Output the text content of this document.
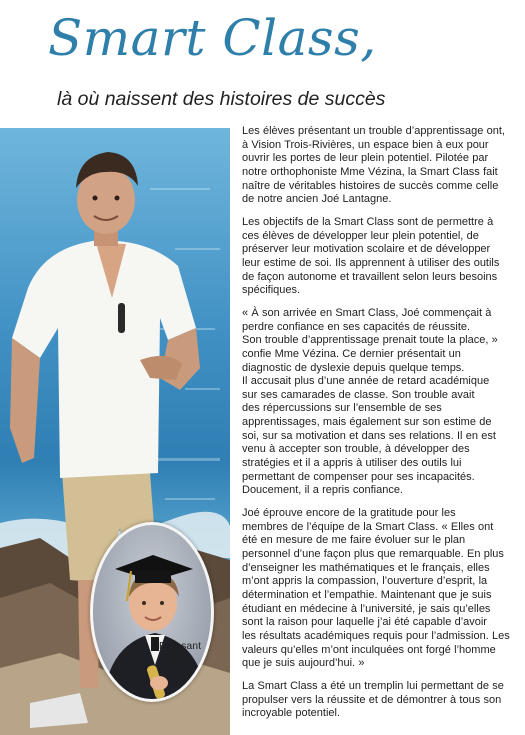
Smart Class,
là où naissent des histoires de succès
Finissant 2014

Les élèves présentant un trouble d’apprentissage ont,
à Vision Trois-Rivières, un espace bien à eux pour
ouvrir les portes de leur plein potentiel. Pilotée par
notre orthophoniste Mme Vézina, la Smart Class fait
naître de véritables histoires de succès comme celle
de notre ancien Joé Lantagne.

Les objectifs de la Smart Class sont de permettre à
ces élèves de développer leur plein potentiel, de
préserver leur motivation scolaire et de développer
leur estime de soi. Ils apprennent à utiliser des outils
de façon autonome et travaillent selon leurs besoins
spécifiques.

« À son arrivée en Smart Class, Joé commençait à
perdre confiance en ses capacités de réussite.
Son trouble d’apprentissage prenait toute la place, »
confie Mme Vézina. Ce dernier présentait un
diagnostic de dyslexie depuis quelque temps.
Il accusait plus d’une année de retard académique
sur ses camarades de classe. Son trouble avait
des répercussions sur l’ensemble de ses
apprentissages, mais également sur son estime de
soi, sur sa motivation et dans ses relations. Il en est
venu à accepter son trouble, à développer des
stratégies et il a appris à utiliser des outils lui
permettant de compenser pour ses incapacités.
Doucement, il a repris confiance.

Joé éprouve encore de la gratitude pour les
membres de l’équipe de la Smart Class. « Elles ont
été en mesure de me faire évoluer sur le plan
personnel d’une façon plus que remarquable. En plus
d’enseigner les mathématiques et le français, elles
m’ont appris la compassion, l’ouverture d’esprit, la
détermination et l’empathie. Maintenant que je suis
étudiant en médecine à l’université, je sais qu’elles
sont la raison pour laquelle j’ai été capable d’avoir
les résultats académiques requis pour l’admission. Les
valeurs qu’elles m’ont inculquées ont forgé l’homme
que je suis aujourd’hui. »

La Smart Class a été un tremplin lui permettant de se
propulser vers la réussite et de démontrer à tous son
incroyable potentiel.
